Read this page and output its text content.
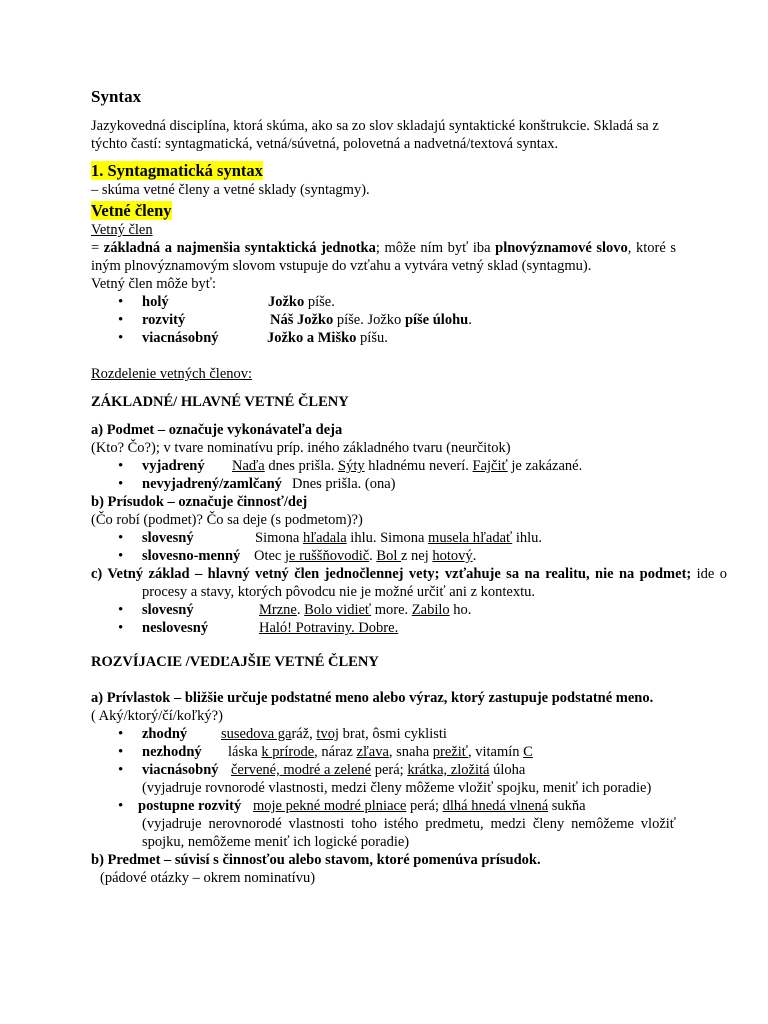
Syntax
Jazykovedná disciplína, ktorá skúma, ako sa zo slov skladajú syntaktické konštrukcie. Skladá sa z týchto častí: syntagmatická, vetná/súvetná, polovetná a nadvetná/textová syntax.
1. Syntagmatická syntax
– skúma vetné členy a vetné sklady (syntagmy).
Vetné členy
Vetný člen
= základná a najmenšia syntaktická jednotka; môže ním byť iba plnovýznamové slovo, ktoré s iným plnovýznamovým slovom vstupuje do vzťahu a vytvára vetný sklad (syntagmu).
Vetný člen môže byť:
• holý	Jožko píše.
• rozvitý	Náš Jožko píše. Jožko píše úlohu.
• viacnásobný	Jožko a Miško píšu.
Rozdelenie vetných členov:
ZÁKLADNÉ/ HLAVNÉ VETNÉ ČLENY
a) Podmet – označuje vykonávateľa deja
(Kto? Čo?); v tvare nominatívu príp. iného základného tvaru (neurčitok)
• vyjadrený Naďa dnes prišla. Sýty hladnému neverí. Fajčiť je zakázané.
• nevyjadrený/zamlčaný Dnes prišla. (ona)
b) Prísudok – označuje činnosť/dej
(Čo robí (podmet)? Čo sa deje (s podmetom)?)
• slovesný	Simona hľadala ihlu. Simona musela hľadať ihlu.
• slovesno-menný Otec je ruššňovodič. Bol z nej hotový.
c) Vetný základ – hlavný vetný člen jednočlennej vety; vzťahuje sa na realitu, nie na podmet; ide o procesy a stavy, ktorých pôvodcu nie je možné určiť ani z kontextu.
• slovesný	Mrzne. Bolo vidieť more. Zabilo ho.
• neslovesný	Haló! Potraviny. Dobre.
ROZVÍJACIE /VEDĽAJŠIE VETNÉ ČLENY
a) Prívlastok – bližšie určuje podstatné meno alebo výraz, ktorý zastupuje podstatné meno.
( Aký/ktorý/čí/koľký?)
• zhodný susedova garáž, tvoj brat, ôsmi cyklisti
• nezhodný láska k prírode, náraz zľava, snaha prežiť, vitamín C
• viacnásobný červené, modré a zelené perá; krátka, zložitá úloha
(vyjadruje rovnorodé vlastnosti, medzi členy môžeme vložiť spojku, meniť ich poradie)
• postupne rozvitý moje pekné modré plniace perá; dlhá hnedá vlnená sukňa
(vyjadruje nerovnorodé vlastnosti toho istého predmetu, medzi členy nemôžeme vložiť spojku, nemôžeme meniť ich logické poradie)
b) Predmet – súvisí s činnosťou alebo stavom, ktoré pomenúva prísudok.
(pádové otázky – okrem nominatívu)
